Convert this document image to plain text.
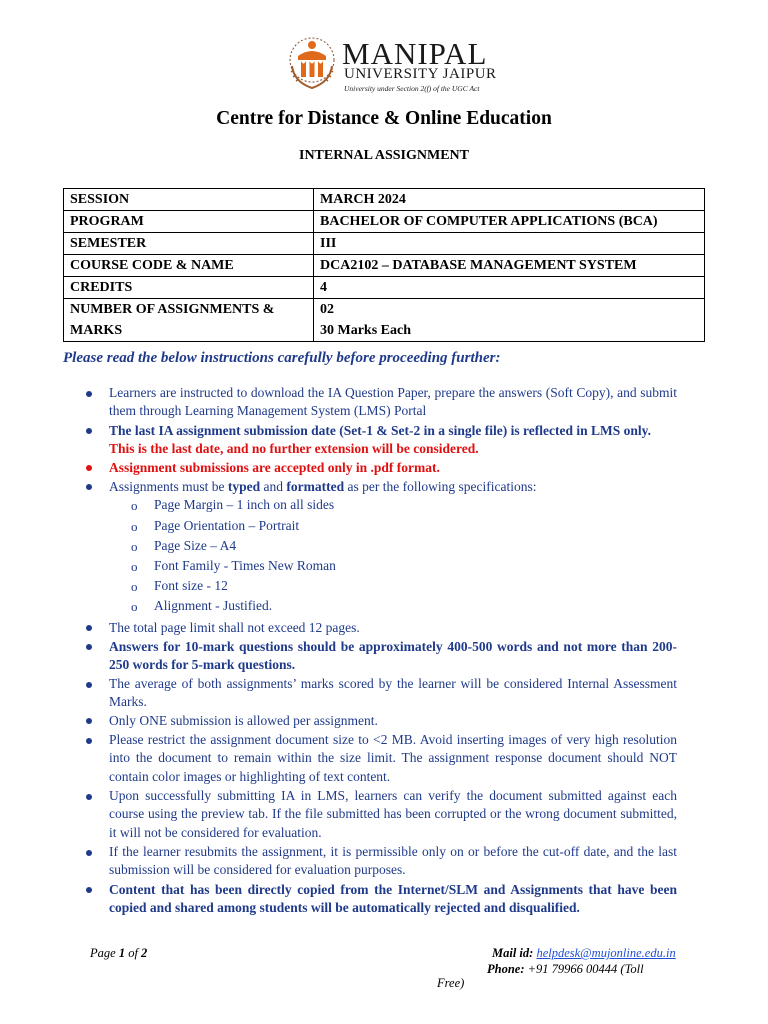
MANIPAL
UNIVERSITY JAIPUR
University under Section 2(f) of the UGC Act
Centre for Distance & Online Education
INTERNAL ASSIGNMENT
SESSION	MARCH 2024
PROGRAM	BACHELOR OF COMPUTER APPLICATIONS (BCA)
SEMESTER	III
COURSE CODE & NAME	DCA2102 – DATABASE MANAGEMENT SYSTEM
CREDITS	4

NUMBER OF ASSIGNMENTS &
MARKS	02
30 Marks Each
Please read the below instructions carefully before proceeding further:
Learners are instructed to download the IA Question Paper, prepare the answers (Soft Copy), and submit them through Learning Management System (LMS) Portal
The last IA assignment submission date (Set-1 & Set-2 in a single file) is reflected in LMS only.
This is the last date, and no further extension will be considered.
Assignment submissions are accepted only in .pdf format.
Assignments must be typed and formatted as per the following specifications:
o Page Margin – 1 inch on all sides
o Page Orientation – Portrait
o Page Size – A4
o Font Family - Times New Roman
o Font size - 12
o Alignment - Justified.
The total page limit shall not exceed 12 pages.
Answers for 10-mark questions should be approximately 400-500 words and not more than 200-250 words for 5-mark questions.
The average of both assignments’ marks scored by the learner will be considered Internal Assessment Marks.
Only ONE submission is allowed per assignment.
Please restrict the assignment document size to <2 MB. Avoid inserting images of very high resolution into the document to remain within the size limit. The assignment response document should NOT contain color images or highlighting of text content.
Upon successfully submitting IA in LMS, learners can verify the document submitted against each course using the preview tab. If the file submitted has been corrupted or the wrong document submitted, it will not be considered for evaluation.
If the learner resubmits the assignment, it is permissible only on or before the cut-off date, and the last submission will be considered for evaluation purposes.
Content that has been directly copied from the Internet/SLM and Assignments that have been copied and shared among students will be automatically rejected and disqualified.
Page 1 of 2	Mail id: helpdesk@mujonline.edu.in
Phone: +91 79966 00444 (Toll
Free)
